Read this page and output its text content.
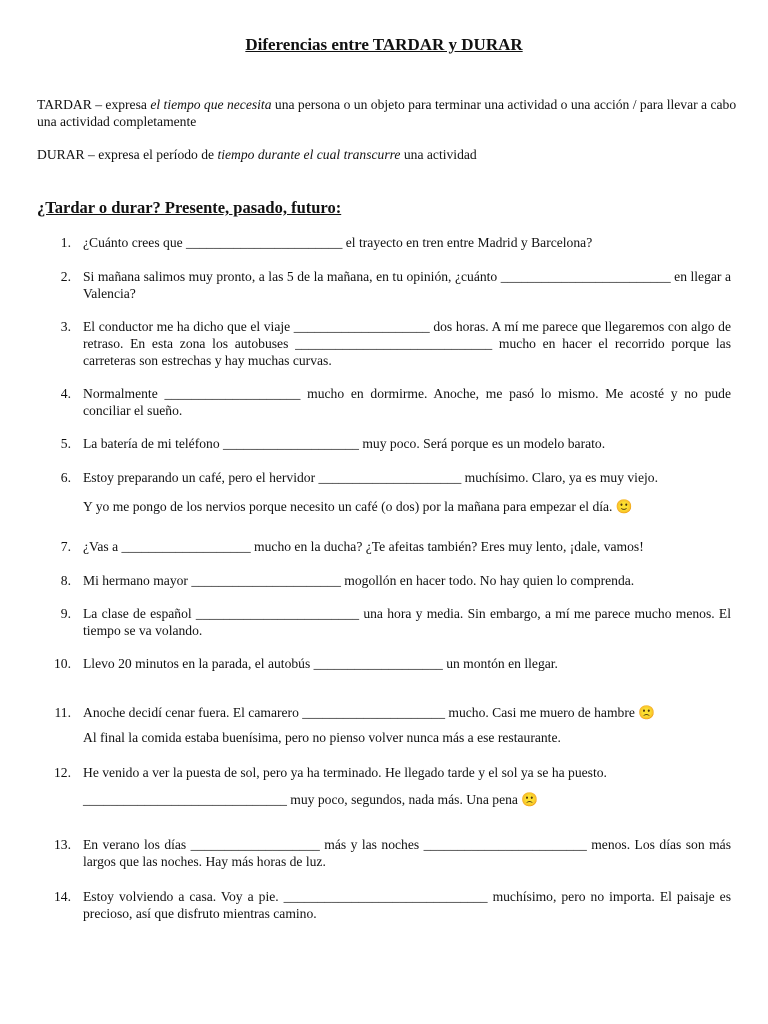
Diferencias entre TARDAR y DURAR
TARDAR – expresa el tiempo que necesita una persona o un objeto para terminar una actividad o una acción / para llevar a cabo una actividad completamente
DURAR – expresa el período de tiempo durante el cual transcurre una actividad
¿Tardar o durar? Presente, pasado, futuro:
1. ¿Cuánto crees que _______________________ el trayecto en tren entre Madrid y Barcelona?

2. Si mañana salimos muy pronto, a las 5 de la mañana, en tu opinión, ¿cuánto _________________________ en llegar a Valencia?

3. El conductor me ha dicho que el viaje ____________________ dos horas. A mí me parece que llegaremos con algo de retraso. En esta zona los autobuses _____________________________ mucho en hacer el recorrido porque las carreteras son estrechas y hay muchas curvas.

4. Normalmente ____________________ mucho en dormirme. Anoche, me pasó lo mismo. Me acosté y no pude conciliar el sueño.

5. La batería de mi teléfono ____________________ muy poco. Será porque es un modelo barato.

6. Estoy preparando un café, pero el hervidor _____________________ muchísimo. Claro, ya es muy viejo.

Y yo me pongo de los nervios porque necesito un café (o dos) por la mañana para empezar el día. 🙂

7. ¿Vas a ___________________ mucho en la ducha? ¿Te afeitas también? Eres muy lento, ¡dale, vamos!

8. Mi hermano mayor ______________________ mogollón en hacer todo. No hay quien lo comprenda.

9. La clase de español ________________________ una hora y media. Sin embargo, a mí me parece mucho menos. El tiempo se va volando.

10. Llevo 20 minutos en la parada, el autobús ___________________ un montón en llegar.

11. Anoche decidí cenar fuera. El camarero _____________________ mucho. Casi me muero de hambre 🙁

Al final la comida estaba buenísima, pero no pienso volver nunca más a ese restaurante.

12. He venido a ver la puesta de sol, pero ya ha terminado. He llegado tarde y el sol ya se ha puesto.

______________________________ muy poco, segundos, nada más. Una pena 🙁

13. En verano los días ___________________ más y las noches ________________________ menos. Los días son más largos que las noches. Hay más horas de luz.

14. Estoy volviendo a casa. Voy a pie. ______________________________ muchísimo, pero no importa. El paisaje es precioso, así que disfruto mientras camino.
